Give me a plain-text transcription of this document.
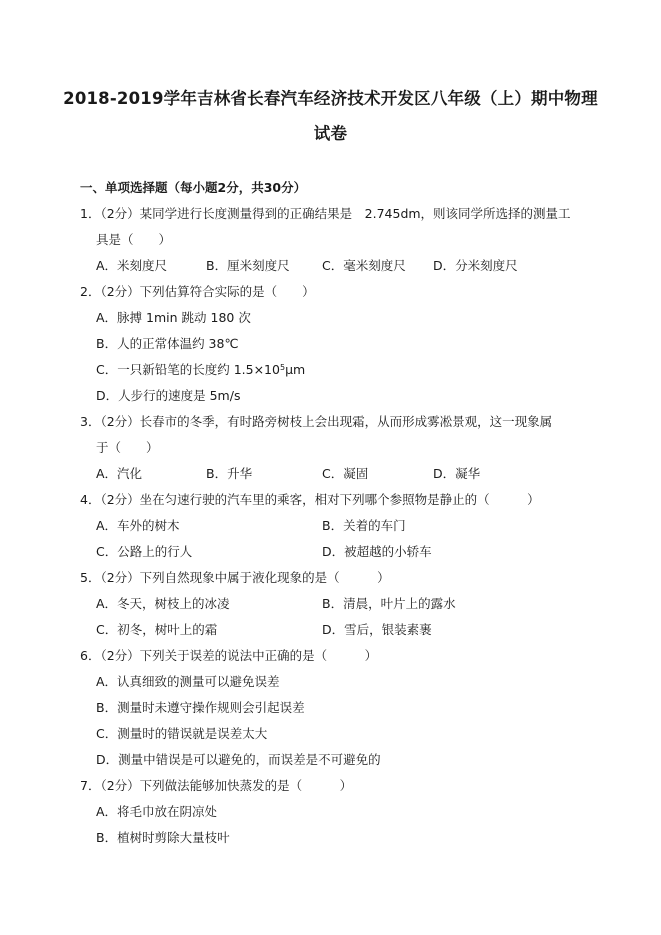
2018-2019学年吉林省长春汽车经济技术开发区八年级（上）期中物理
试卷
一、单项选择题（每小题2分，共30分）
1．（2分）某同学进行长度测量得到的正确结果是　2.745dm，则该同学所选择的测量工
具是（　　）
A．米刻度尺	B．厘米刻度尺	C．毫米刻度尺 D．分米刻度尺
2．（2分）下列估算符合实际的是（　　）
A．脉搏 1min 跳动 180 次
B．人的正常体温约 38℃
C．一只新铅笔的长度约 $1.5\times 10^5\mu m$
D．人步行的速度是 5m/s
3．（2分）长春市的冬季，有时路旁树枝上会出现霜，从而形成雾凇景观，这一现象属
于（　　）
A．汽化	B．升华	C．凝固	D．凝华
4．（2分）坐在匀速行驶的汽车里的乘客，相对下列哪个参照物是静止的（　　　）
A．车外的树木	B．关着的车门
C．公路上的行人	D．被超越的小轿车
5．（2分）下列自然现象中属于液化现象的是（　　　）
A．冬天，树枝上的冰凌	B．清晨，叶片上的露水
C．初冬，树叶上的霜	D．雪后，银装素裹
6．（2分）下列关于误差的说法中正确的是（　　　）
A．认真细致的测量可以避免误差
B．测量时未遵守操作规则会引起误差
C．测量时的错误就是误差太大
D．测量中错误是可以避免的，而误差是不可避免的
7．（2分）下列做法能够加快蒸发的是（　　　）
A．将毛巾放在阴凉处
B．植树时剪除大量枝叶
